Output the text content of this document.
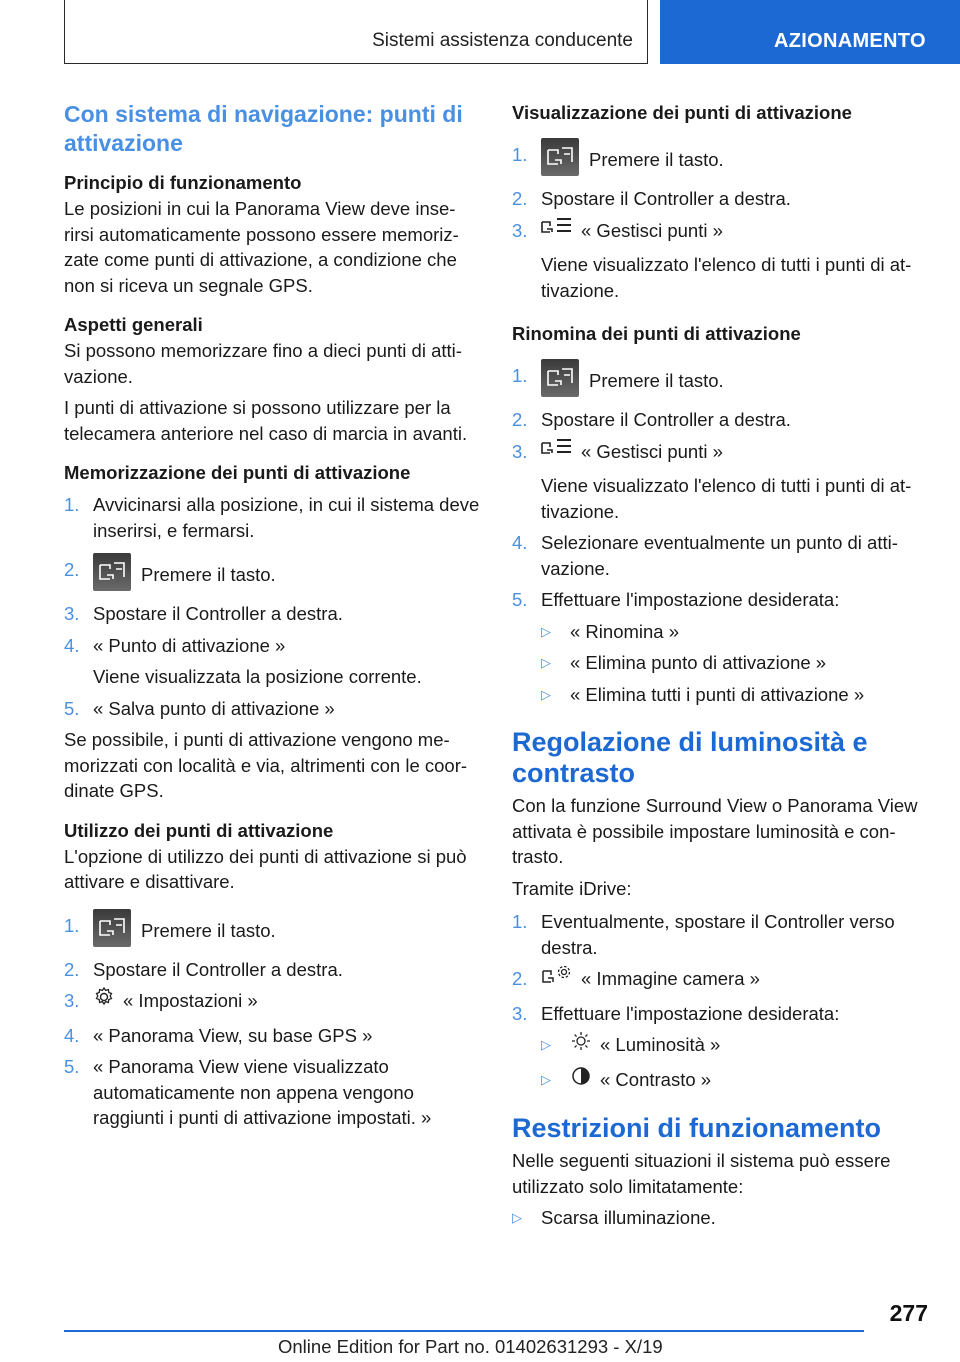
Sistemi assistenza conducente	AZIONAMENTO
Con sistema di navigazione: punti di attivazione
Principio di funzionamento

Le posizioni in cui la Panorama View deve inse-rirsi automaticamente possono essere memoriz-zate come punti di attivazione, a condizione che non si riceva un segnale GPS.

Aspetti generali

Si possono memorizzare fino a dieci punti di atti-vazione.

I punti di attivazione si possono utilizzare per la telecamera anteriore nel caso di marcia in avanti.

Memorizzazione dei punti di attivazione
1. Avvicinarsi alla posizione, in cui il sistema deve inserirsi, e fermarsi.
2.	Premere il tasto.
3. Spostare il Controller a destra.
4. « Punto di attivazione »
Viene visualizzata la posizione corrente.
5. « Salva punto di attivazione »

Se possibile, i punti di attivazione vengono me-morizzati con località e via, altrimenti con le coor-dinate GPS.

Utilizzo dei punti di attivazione

L'opzione di utilizzo dei punti di attivazione si può attivare e disattivare.

1.	Premere il tasto.
2. Spostare il Controller a destra.
3. « Impostazioni »
4. « Panorama View, su base GPS »
5. « Panorama View viene visualizzato automaticamente non appena vengono raggiunti i punti di attivazione impostati. »
Visualizzazione dei punti di attivazione
1.	Premere il tasto.
2. Spostare il Controller a destra.
3.	« Gestisci punti »
Viene visualizzato l'elenco di tutti i punti di at-tivazione.
Rinomina dei punti di attivazione
1.	Premere il tasto.
2. Spostare il Controller a destra.
3.	« Gestisci punti »
Viene visualizzato l'elenco di tutti i punti di at-tivazione.
4. Selezionare eventualmente un punto di atti-vazione.
5. Effettuare l'impostazione desiderata:
▷ « Rinomina »
▷ « Elimina punto di attivazione »
▷ « Elimina tutti i punti di attivazione »
Regolazione di luminosità e contrasto

Con la funzione Surround View o Panorama View attivata è possibile impostare luminosità e con-trasto.

Tramite iDrive:

1. Eventualmente, spostare il Controller verso destra.
2.	« Immagine camera »
3. Effettuare l'impostazione desiderata:
▷	« Luminosità »
▷	« Contrasto »
Restrizioni di funzionamento

Nelle seguenti situazioni il sistema può essere utilizzato solo limitatamente:

▷ Scarsa illuminazione.
277
Online Edition for Part no. 01402631293 - X/19
